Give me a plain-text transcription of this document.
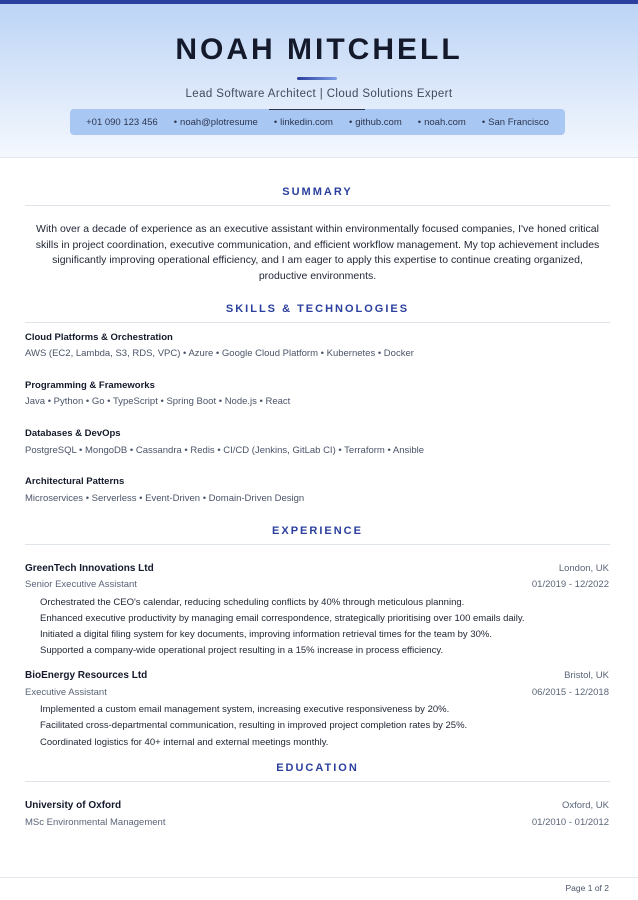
NOAH MITCHELL
Lead Software Architect | Cloud Solutions Expert
+01 090 123 456 • noah@plotresume • linkedin.com • github.com • noah.com • San Francisco
SUMMARY
With over a decade of experience as an executive assistant within environmentally focused companies, I've honed critical skills in project coordination, executive communication, and efficient workflow management. My top achievement includes significantly improving operational efficiency, and I am eager to apply this expertise to continue creating organized, productive environments.
SKILLS & TECHNOLOGIES
Cloud Platforms & Orchestration
AWS (EC2, Lambda, S3, RDS, VPC) • Azure • Google Cloud Platform • Kubernetes • Docker
Programming & Frameworks
Java • Python • Go • TypeScript • Spring Boot • Node.js • React
Databases & DevOps
PostgreSQL • MongoDB • Cassandra • Redis • CI/CD (Jenkins, GitLab CI) • Terraform • Ansible
Architectural Patterns
Microservices • Serverless • Event-Driven • Domain-Driven Design
EXPERIENCE
GreenTech Innovations Ltd	London, UK
Senior Executive Assistant	01/2019 - 12/2022
Orchestrated the CEO's calendar, reducing scheduling conflicts by 40% through meticulous planning.
Enhanced executive productivity by managing email correspondence, strategically prioritising over 100 emails daily.
Initiated a digital filing system for key documents, improving information retrieval times for the team by 30%.
Supported a company-wide operational project resulting in a 15% increase in process efficiency.
BioEnergy Resources Ltd	Bristol, UK
Executive Assistant	06/2015 - 12/2018
Implemented a custom email management system, increasing executive responsiveness by 20%.
Facilitated cross-departmental communication, resulting in improved project completion rates by 25%.
Coordinated logistics for 40+ internal and external meetings monthly.
EDUCATION
University of Oxford	Oxford, UK
MSc Environmental Management	01/2010 - 01/2012
Page 1 of 2
